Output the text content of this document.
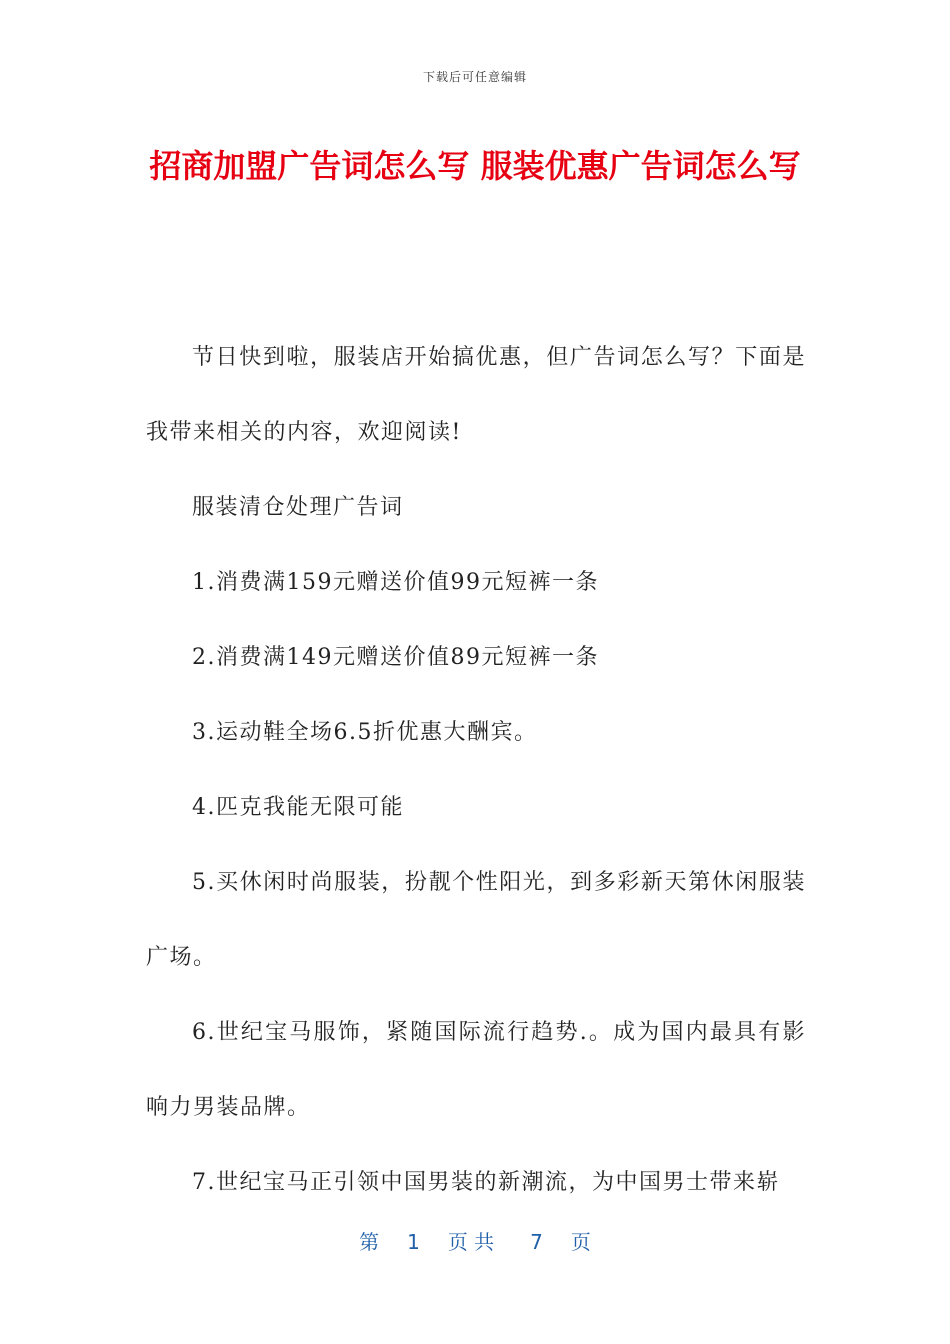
下载后可任意编辑
招商加盟广告词怎么写 服装优惠广告词怎么写

节日快到啦，服装店开始搞优惠，但广告词怎么写？下面是我带来相关的内容，欢迎阅读!

服装清仓处理广告词

1.消费满159元赠送价值99元短裤一条

2.消费满149元赠送价值89元短裤一条

3.运动鞋全场6.5折优惠大酬宾。

4.匹克我能无限可能

5.买休闲时尚服装，扮靓个性阳光，到多彩新天第休闲服装广场。

6.世纪宝马服饰，紧随国际流行趋势.。成为国内最具有影响力男装品牌。

7.世纪宝马正引领中国男装的新潮流，为中国男士带来崭

第 1 页 共 7 页
